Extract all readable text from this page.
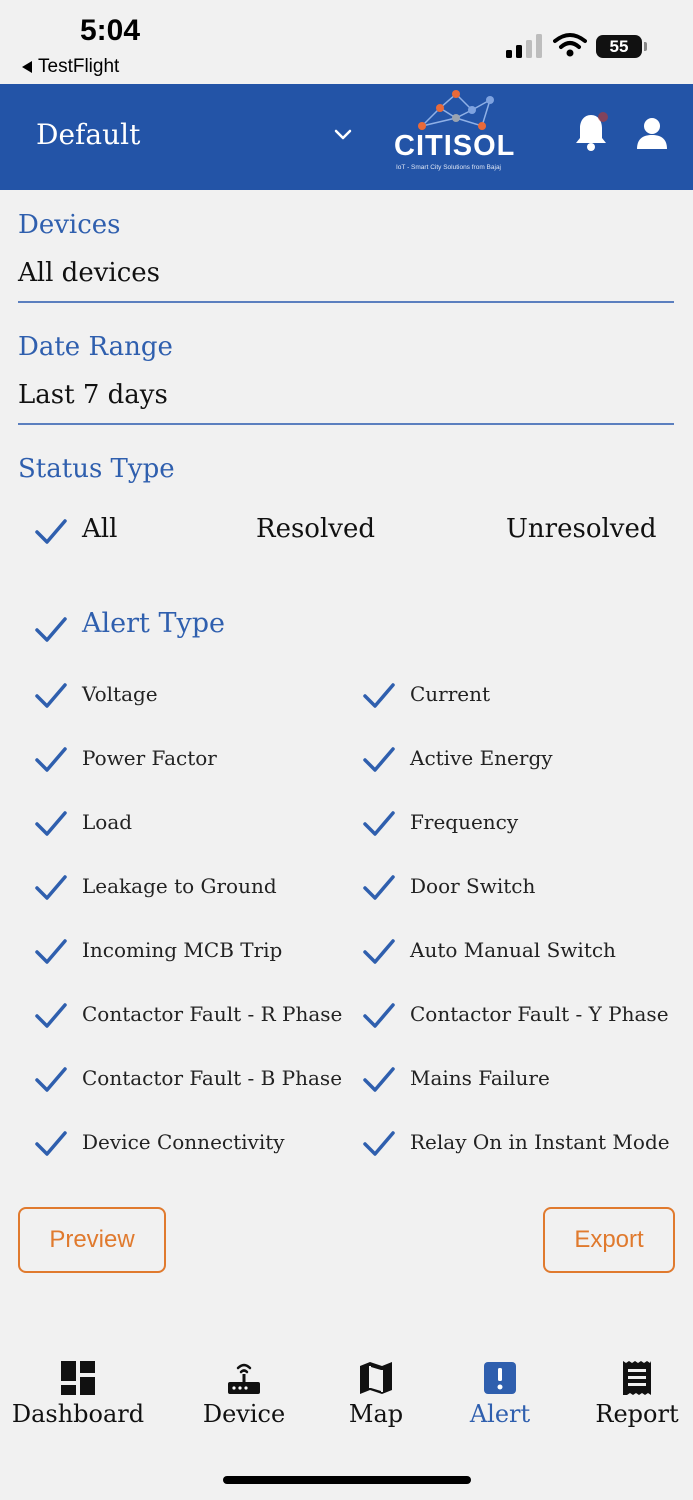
5:04
TestFlight
55
Default	CITISOL
IoT - Smart City Solutions from Bajaj
Devices
All devices
Date Range
Last 7 days
Status Type
All	Resolved	Unresolved
Alert Type
Voltage	Current
Power Factor	Active Energy
Load	Frequency
Leakage to Ground	Door Switch
Incoming MCB Trip	Auto Manual Switch
Contactor Fault - R Phase	Contactor Fault - Y Phase
Contactor Fault - B Phase	Mains Failure
Device Connectivity	Relay On in Instant Mode
Preview	Export
Dashboard Device	Map	Alert	Report
